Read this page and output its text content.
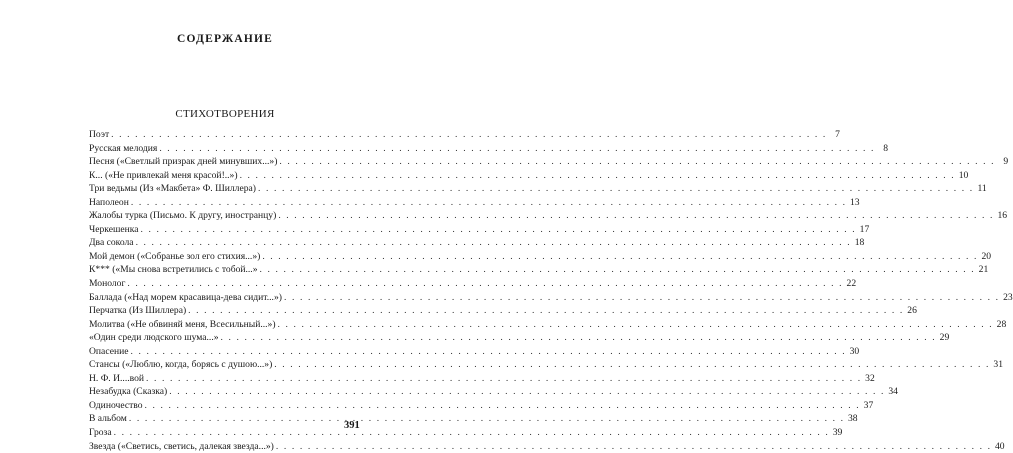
СОДЕРЖАНИЕ
СТИХОТВОРЕНИЯ
Поэт . . .	7
Русская мелодия . . .	8
Песня («Светлый призрак дней минувших...») . . .	9
К... («Не привлекай меня красой!..») . . .	10
Три ведьмы (Из «Макбета» Ф. Шиллера) . . .	11
Наполеон . . .	13
Жалобы турка (Письмо. К другу, иностранцу) . . .	16
Черкешенка . . .	17
Два сокола . . .	18
Мой демон («Собранье зол его стихия...») . . .	20
К*** («Мы снова встретились с тобой...» . . .	21
Монолог . . .	22
Баллада («Над морем красавица-дева сидит...») . . .	23
Перчатка (Из Шиллера) . . .	26
Молитва («Не обвиняй меня, Всесильный...») . . .	28
«Один среди людского шума...» . . .	29
Опасение . . .	30
Стансы («Люблю, когда, борясь с душою...») . . .	31
Н. Ф. И....вой . . .	32
Незабудка (Сказка) . . .	34
Одиночество . . .	37
В альбом . . .	38
Гроза . . .	39
Звезда («Светись, светись, далекая звезда...») . . .	40
391
